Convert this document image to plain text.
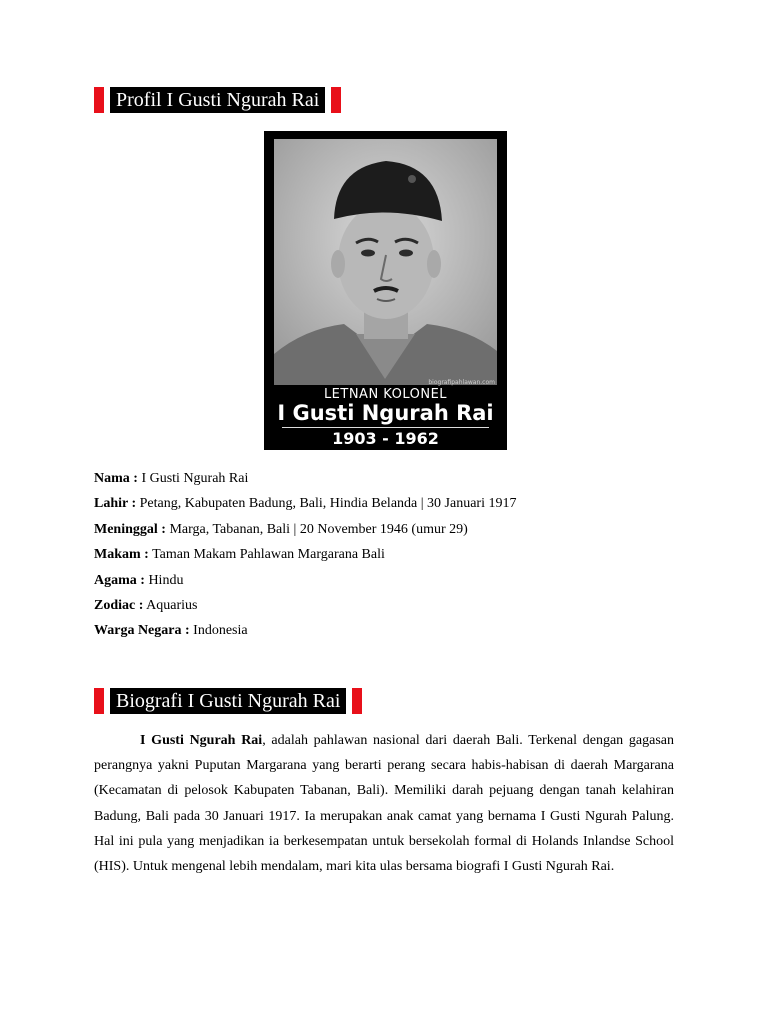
Profil I Gusti Ngurah Rai
biografipahlawan.com
LETNAN KOLONEL
I Gusti Ngurah Rai
1903 - 1962
Nama : I Gusti Ngurah Rai
Lahir : Petang, Kabupaten Badung, Bali, Hindia Belanda | 30 Januari 1917
Meninggal : Marga, Tabanan, Bali | 20 November 1946 (umur 29)
Makam : Taman Makam Pahlawan Margarana Bali
Agama : Hindu
Zodiac : Aquarius
Warga Negara : Indonesia
Biografi I Gusti Ngurah Rai

I Gusti Ngurah Rai, adalah pahlawan nasional dari daerah Bali. Terkenal dengan gagasan perangnya yakni Puputan Margarana yang berarti perang secara habis-habisan di daerah Margarana (Kecamatan di pelosok Kabupaten Tabanan, Bali). Memiliki darah pejuang dengan tanah kelahiran Badung, Bali pada 30 Januari 1917. Ia merupakan anak camat yang bernama I Gusti Ngurah Palung. Hal ini pula yang menjadikan ia berkesempatan untuk bersekolah formal di Holands Inlandse School (HIS). Untuk mengenal lebih mendalam, mari kita ulas bersama biografi I Gusti Ngurah Rai.
